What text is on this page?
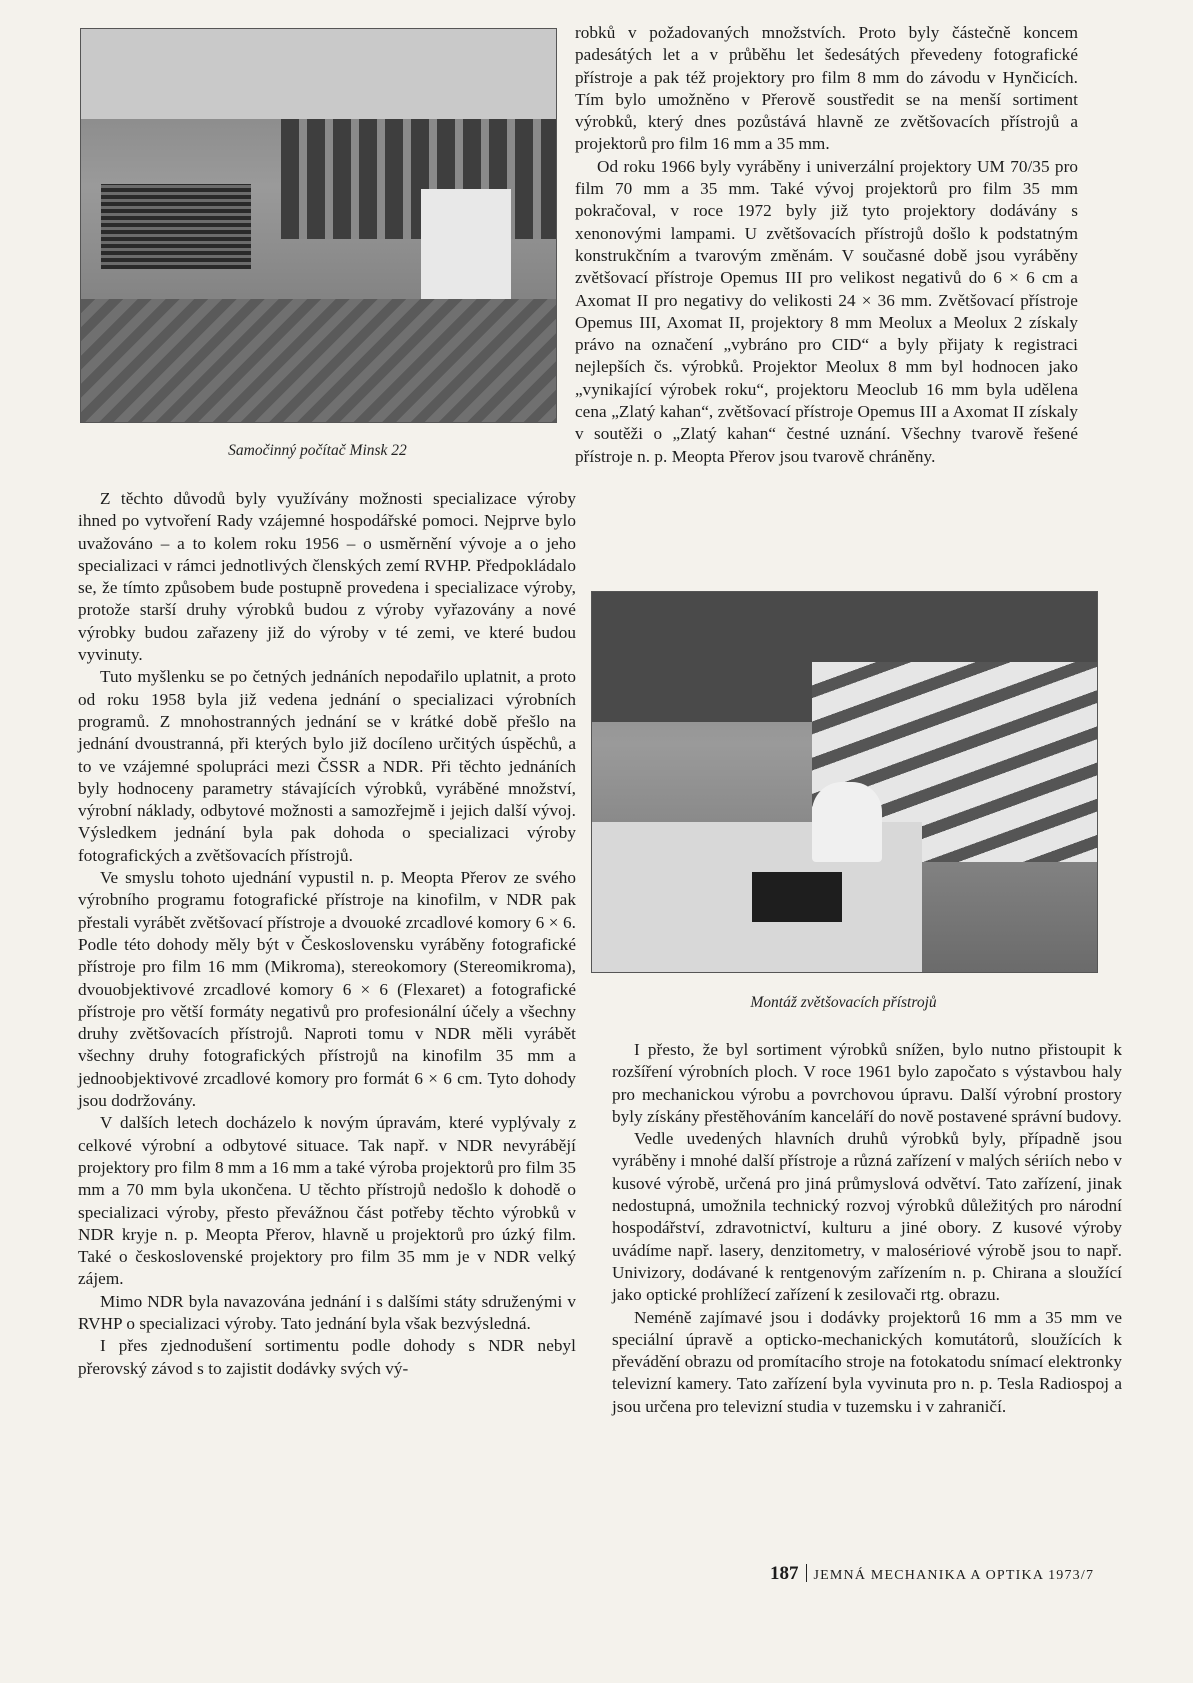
Samočinný počítač Minsk 22
Montáž zvětšovacích přístrojů

Z těchto důvodů byly využívány možnosti specializace výroby ihned po vytvoření Rady vzájemné hospodářské pomoci. Nejprve bylo uvažováno – a to kolem roku 1956 – o usměrnění vývoje a o jeho specializaci v rámci jednotlivých členských zemí RVHP. Předpokládalo se, že tímto způsobem bude postupně provedena i specializace výroby, protože starší druhy výrobků budou z výroby vyřazovány a nové výrobky budou zařazeny již do výroby v té zemi, ve které budou vyvinuty.

Tuto myšlenku se po četných jednáních nepodařilo uplatnit, a proto od roku 1958 byla již vedena jednání o specializaci výrobních programů. Z mnohostranných jednání se v krátké době přešlo na jednání dvoustranná, při kterých bylo již docíleno určitých úspěchů, a to ve vzájemné spolupráci mezi ČSSR a NDR. Při těchto jednáních byly hodnoceny parametry stávajících výrobků, vyráběné množství, výrobní náklady, odbytové možnosti a samozřejmě i jejich další vývoj. Výsledkem jednání byla pak dohoda o specializaci výroby fotografických a zvětšovacích přístrojů.

Ve smyslu tohoto ujednání vypustil n. p. Meopta Přerov ze svého výrobního programu fotografické přístroje na kinofilm, v NDR pak přestali vyrábět zvětšovací přístroje a dvouoké zrcadlové komory 6 × 6. Podle této dohody měly být v Československu vyráběny fotografické přístroje pro film 16 mm (Mikroma), stereokomory (Stereomikroma), dvouobjektivové zrcadlové komory 6 × 6 (Flexaret) a fotografické přístroje pro větší formáty negativů pro profesionální účely a všechny druhy zvětšovacích přístrojů. Naproti tomu v NDR měli vyrábět všechny druhy fotografických přístrojů na kinofilm 35 mm a jednoobjektivové zrcadlové komory pro formát 6 × 6 cm. Tyto dohody jsou dodržovány.

V dalších letech docházelo k novým úpravám, které vyplývaly z celkové výrobní a odbytové situace. Tak např. v NDR nevyrábějí projektory pro film 8 mm a 16 mm a také výroba projektorů pro film 35 mm a 70 mm byla ukončena. U těchto přístrojů nedošlo k dohodě o specializaci výroby, přesto převážnou část potřeby těchto výrobků v NDR kryje n. p. Meopta Přerov, hlavně u projektorů pro úzký film. Také o československé projektory pro film 35 mm je v NDR velký zájem.

Mimo NDR byla navazována jednání i s dalšími státy sdruženými v RVHP o specializaci výroby. Tato jednání byla však bezvýsledná.

I přes zjednodušení sortimentu podle dohody s NDR nebyl přerovský závod s to zajistit dodávky svých vý-

robků v požadovaných množstvích. Proto byly částečně koncem padesátých let a v průběhu let šedesátých převedeny fotografické přístroje a pak též projektory pro film 8 mm do závodu v Hynčicích. Tím bylo umožněno v Přerově soustředit se na menší sortiment výrobků, který dnes pozůstává hlavně ze zvětšovacích přístrojů a projektorů pro film 16 mm a 35 mm.

Od roku 1966 byly vyráběny i univerzální projektory UM 70/35 pro film 70 mm a 35 mm. Také vývoj projektorů pro film 35 mm pokračoval, v roce 1972 byly již tyto projektory dodávány s xenonovými lampami. U zvětšovacích přístrojů došlo k podstatným konstrukčním a tvarovým změnám. V současné době jsou vyráběny zvětšovací přístroje Opemus III pro velikost negativů do 6 × 6 cm a Axomat II pro negativy do velikosti 24 × 36 mm. Zvětšovací přístroje Opemus III, Axomat II, projektory 8 mm Meolux a Meolux 2 získaly právo na označení „vybráno pro CID“ a byly přijaty k registraci nejlepších čs. výrobků. Projektor Meolux 8 mm byl hodnocen jako „vynikající výrobek roku“, projektoru Meoclub 16 mm byla udělena cena „Zlatý kahan“, zvětšovací přístroje Opemus III a Axomat II získaly v soutěži o „Zlatý kahan“ čestné uznání. Všechny tvarově řešené přístroje n. p. Meopta Přerov jsou tvarově chráněny.

I přesto, že byl sortiment výrobků snížen, bylo nutno přistoupit k rozšíření výrobních ploch. V roce 1961 bylo započato s výstavbou haly pro mechanickou výrobu a povrchovou úpravu. Další výrobní prostory byly získány přestěhováním kanceláří do nově postavené správní budovy.

Vedle uvedených hlavních druhů výrobků byly, případně jsou vyráběny i mnohé další přístroje a různá zařízení v malých sériích nebo v kusové výrobě, určená pro jiná průmyslová odvětví. Tato zařízení, jinak nedostupná, umožnila technický rozvoj výrobků důležitých pro národní hospodářství, zdravotnictví, kulturu a jiné obory. Z kusové výroby uvádíme např. lasery, denzitometry, v malosériové výrobě jsou to např. Univizory, dodávané k rentgenovým zařízením n. p. Chirana a sloužící jako optické prohlížecí zařízení k zesilovači rtg. obrazu.

Neméně zajímavé jsou i dodávky projektorů 16 mm a 35 mm ve speciální úpravě a opticko-mechanických komutátorů, sloužících k převádění obrazu od promítacího stroje na fotokatodu snímací elektronky televizní kamery. Tato zařízení byla vyvinuta pro n. p. Tesla Radiospoj a jsou určena pro televizní studia v tuzemsku i v zahraničí.

187 JEMNÁ MECHANIKA A OPTIKA 1973/7
